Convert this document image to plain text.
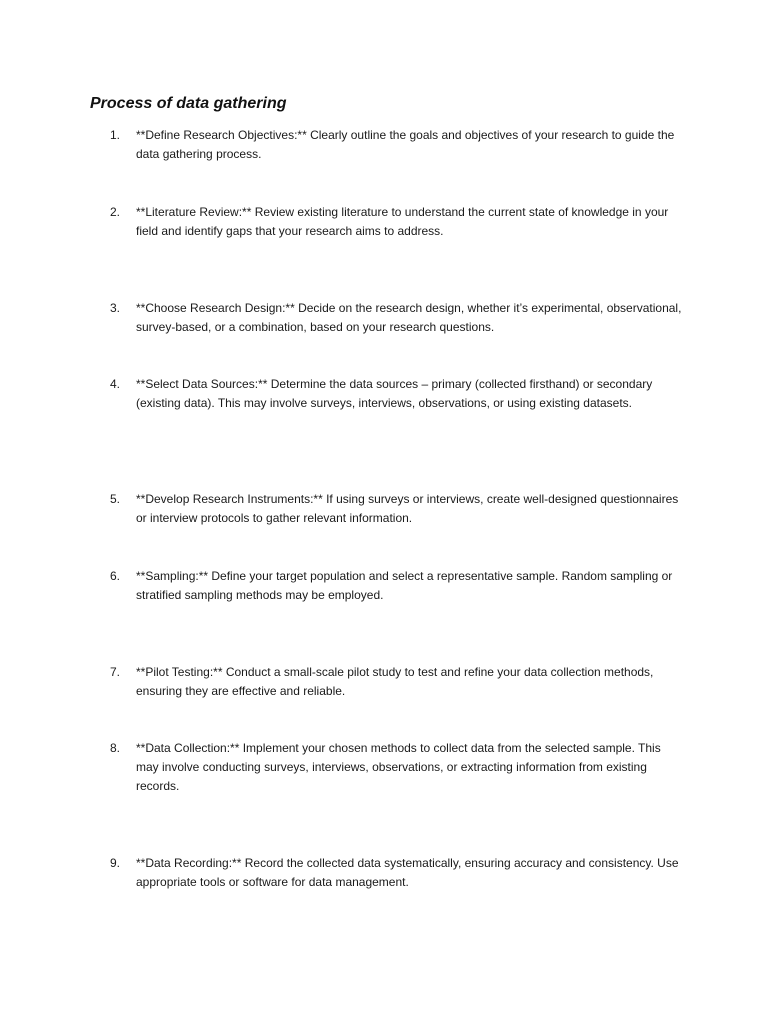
Process of data gathering
1.	**Define Research Objectives:** Clearly outline the goals and objectives of your research to guide the data gathering process.

2.	**Literature Review:** Review existing literature to understand the current state of knowledge in your field and identify gaps that your research aims to address.

3.	**Choose Research Design:** Decide on the research design, whether it’s experimental, observational, survey-based, or a combination, based on your research questions.

4.	**Select Data Sources:** Determine the data sources – primary (collected firsthand) or secondary (existing data). This may involve surveys, interviews, observations, or using existing datasets.

5.	**Develop Research Instruments:** If using surveys or interviews, create well-designed questionnaires or interview protocols to gather relevant information.

6.	**Sampling:** Define your target population and select a representative sample. Random sampling or stratified sampling methods may be employed.

7.	**Pilot Testing:** Conduct a small-scale pilot study to test and refine your data collection methods, ensuring they are effective and reliable.

8.	**Data Collection:** Implement your chosen methods to collect data from the selected sample. This may involve conducting surveys, interviews, observations, or extracting information from existing records.

9.	**Data Recording:** Record the collected data systematically, ensuring accuracy and consistency. Use appropriate tools or software for data management.
